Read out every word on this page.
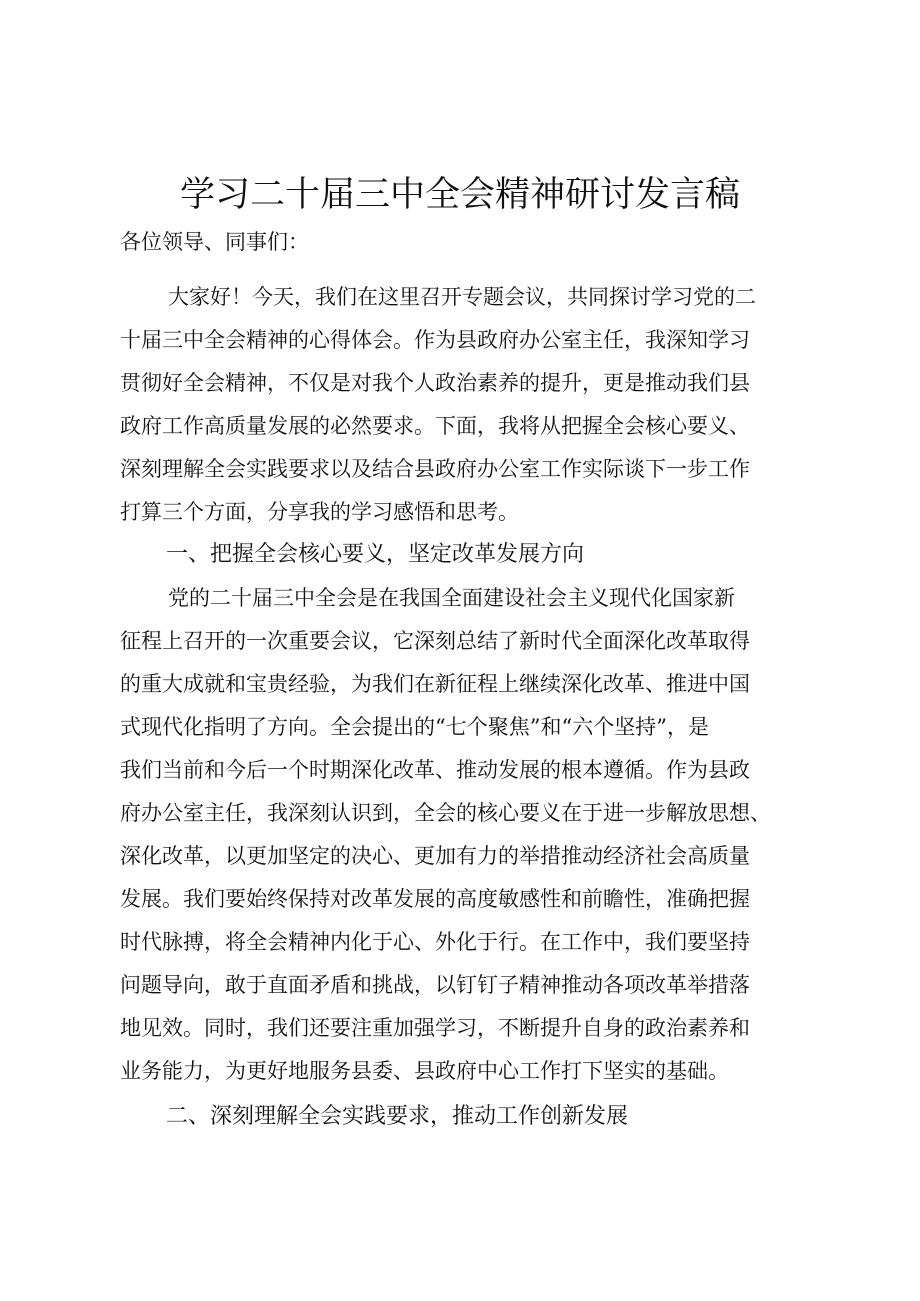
学习二十届三中全会精神研讨发言稿
各位领导、同事们：
大家好！今天，我们在这里召开专题会议，共同探讨学习党的二
十届三中全会精神的心得体会。作为县政府办公室主任，我深知学习
贯彻好全会精神，不仅是对我个人政治素养的提升，更是推动我们县
政府工作高质量发展的必然要求。下面，我将从把握全会核心要义、
深刻理解全会实践要求以及结合县政府办公室工作实际谈下一步工作
打算三个方面，分享我的学习感悟和思考。
一、把握全会核心要义，坚定改革发展方向
党的二十届三中全会是在我国全面建设社会主义现代化国家新
征程上召开的一次重要会议，它深刻总结了新时代全面深化改革取得
的重大成就和宝贵经验，为我们在新征程上继续深化改革、推进中国
式现代化指明了方向。全会提出的“七个聚焦”和“六个坚持”，是
我们当前和今后一个时期深化改革、推动发展的根本遵循。作为县政
府办公室主任，我深刻认识到，全会的核心要义在于进一步解放思想、
深化改革，以更加坚定的决心、更加有力的举措推动经济社会高质量
发展。我们要始终保持对改革发展的高度敏感性和前瞻性，准确把握
时代脉搏，将全会精神内化于心、外化于行。在工作中，我们要坚持
问题导向，敢于直面矛盾和挑战，以钉钉子精神推动各项改革举措落
地见效。同时，我们还要注重加强学习，不断提升自身的政治素养和
业务能力，为更好地服务县委、县政府中心工作打下坚实的基础。
二、深刻理解全会实践要求，推动工作创新发展
